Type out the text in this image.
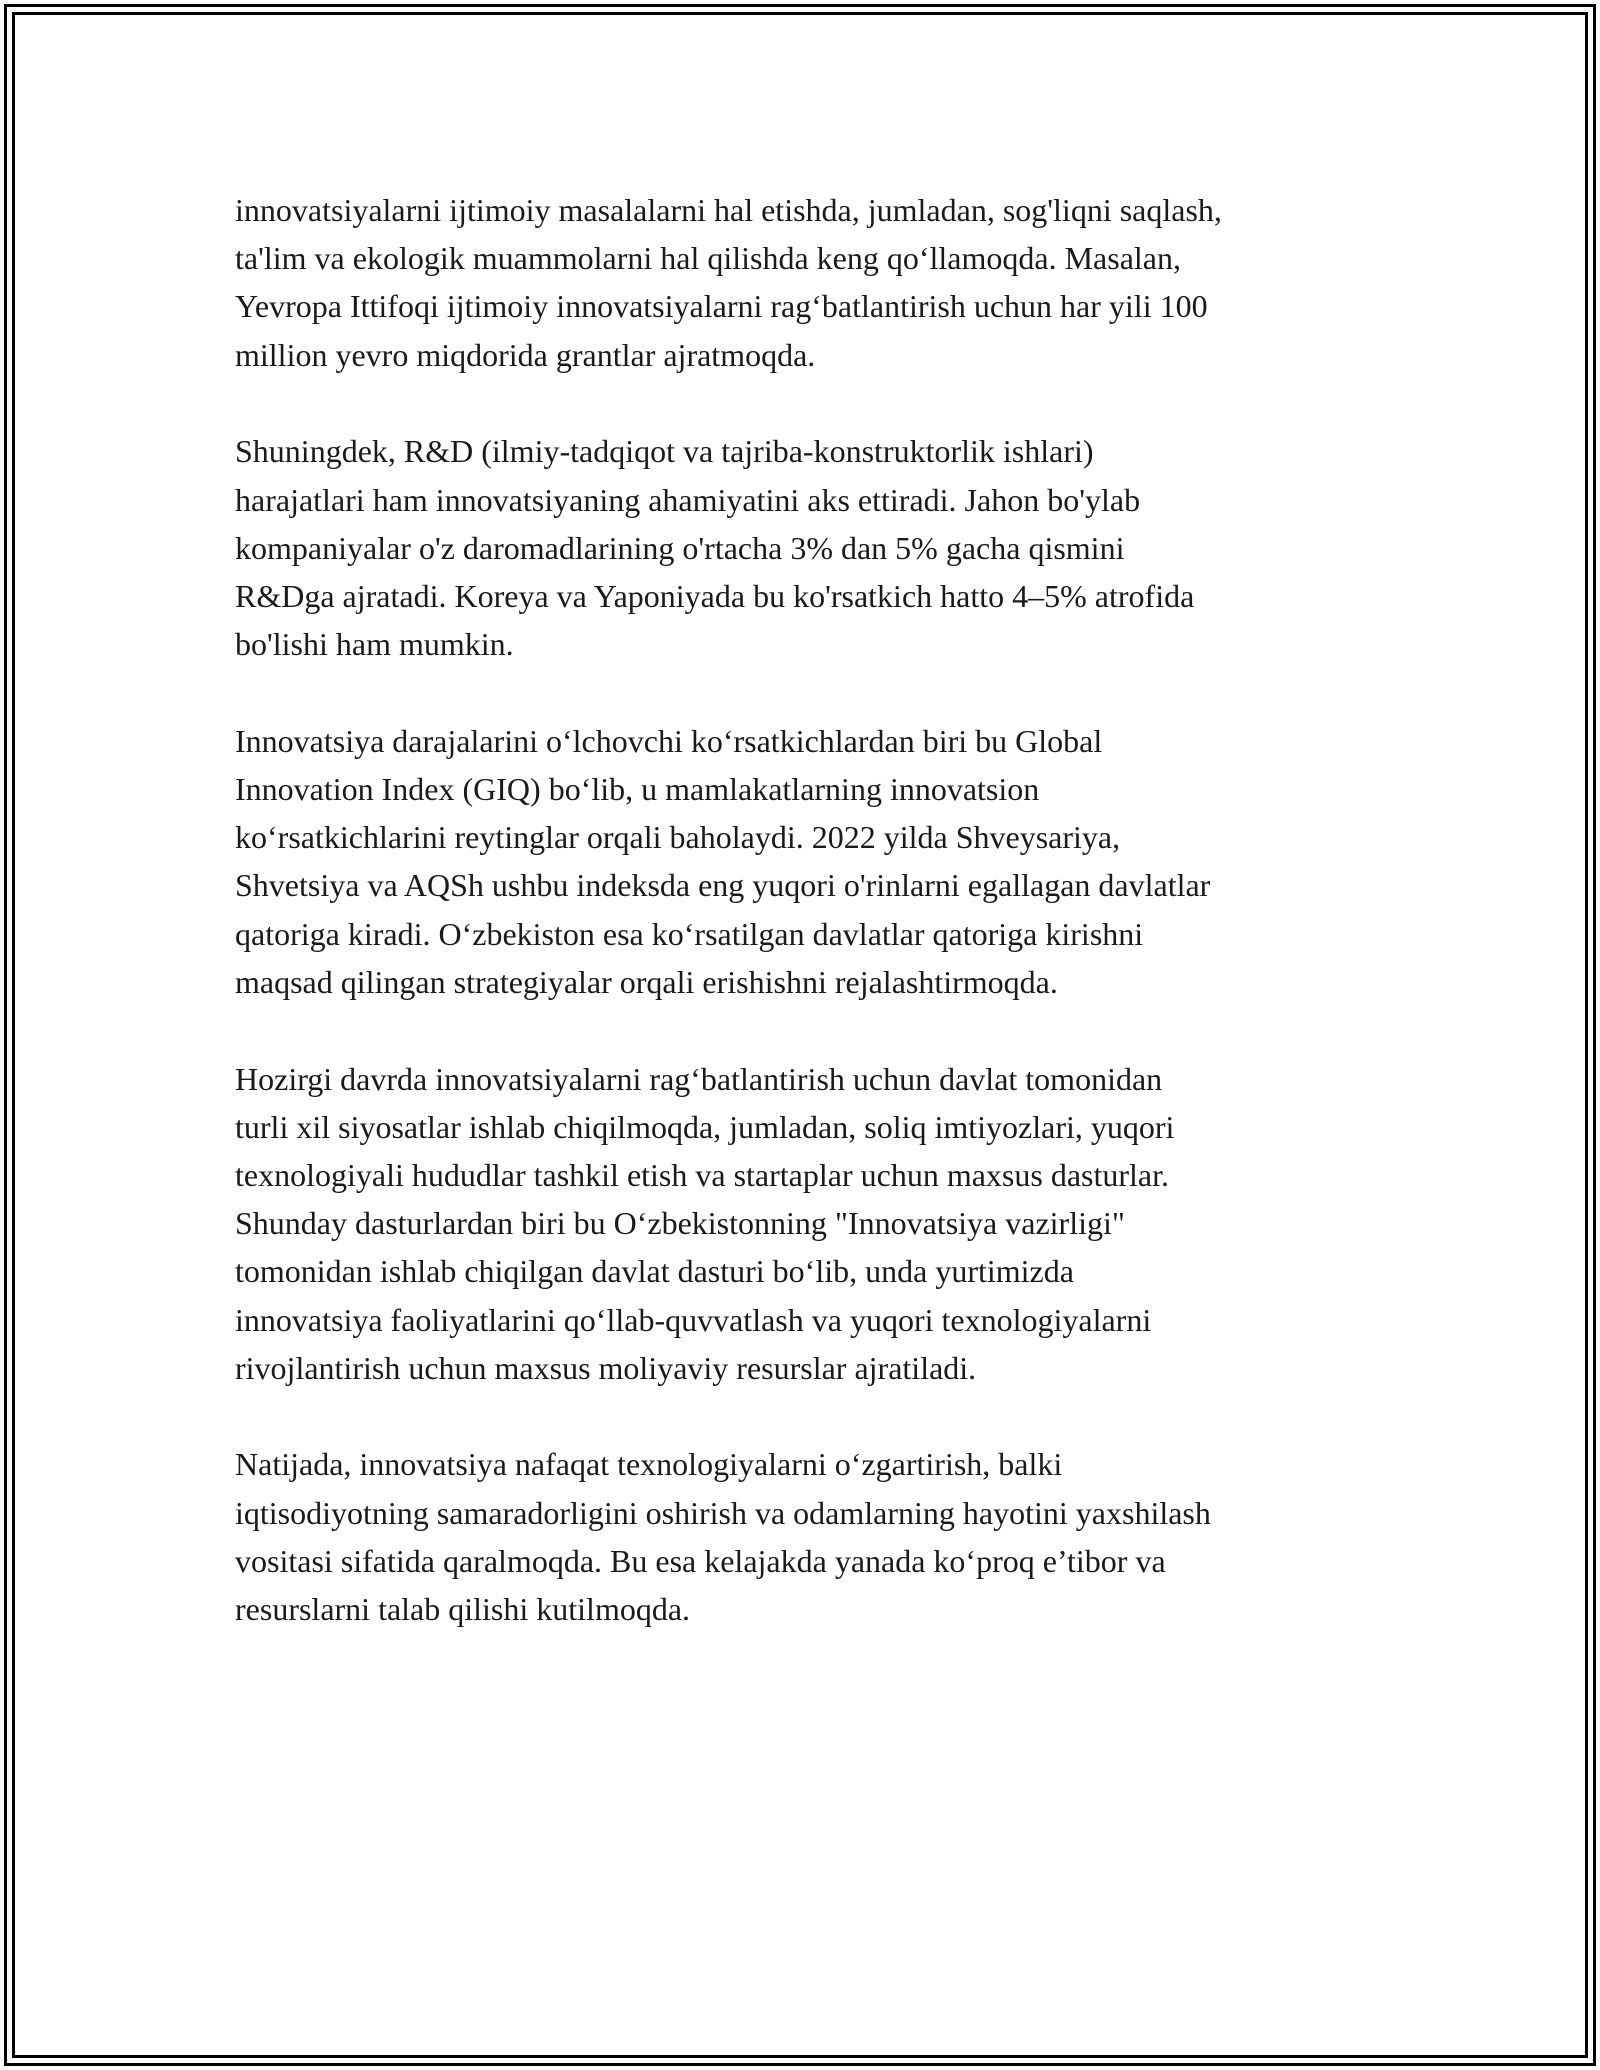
innovatsiyalarni ijtimoiy masalalarni hal etishda, jumladan, sog'liqni saqlash,
ta'lim va ekologik muammolarni hal qilishda keng qo‘llamoqda. Masalan,
Yevropa Ittifoqi ijtimoiy innovatsiyalarni rag‘batlantirish uchun har yili 100
million yevro miqdorida grantlar ajratmoqda.

Shuningdek, R&D (ilmiy-tadqiqot va tajriba-konstruktorlik ishlari)
harajatlari ham innovatsiyaning ahamiyatini aks ettiradi. Jahon bo'ylab
kompaniyalar o'z daromadlarining o'rtacha 3% dan 5% gacha qismini
R&Dga ajratadi. Koreya va Yaponiyada bu ko'rsatkich hatto 4–5% atrofida
bo'lishi ham mumkin.

Innovatsiya darajalarini o‘lchovchi ko‘rsatkichlardan biri bu Global
Innovation Index (GIQ) bo‘lib, u mamlakatlarning innovatsion
ko‘rsatkichlarini reytinglar orqali baholaydi. 2022 yilda Shveysariya,
Shvetsiya va AQSh ushbu indeksda eng yuqori o'rinlarni egallagan davlatlar
qatoriga kiradi. O‘zbekiston esa ko‘rsatilgan davlatlar qatoriga kirishni
maqsad qilingan strategiyalar orqali erishishni rejalashtirmoqda.

Hozirgi davrda innovatsiyalarni rag‘batlantirish uchun davlat tomonidan
turli xil siyosatlar ishlab chiqilmoqda, jumladan, soliq imtiyozlari, yuqori
texnologiyali hududlar tashkil etish va startaplar uchun maxsus dasturlar.
Shunday dasturlardan biri bu O‘zbekistonning "Innovatsiya vazirligi"
tomonidan ishlab chiqilgan davlat dasturi bo‘lib, unda yurtimizda
innovatsiya faoliyatlarini qo‘llab-quvvatlash va yuqori texnologiyalarni
rivojlantirish uchun maxsus moliyaviy resurslar ajratiladi.

Natijada, innovatsiya nafaqat texnologiyalarni o‘zgartirish, balki
iqtisodiyotning samaradorligini oshirish va odamlarning hayotini yaxshilash
vositasi sifatida qaralmoqda. Bu esa kelajakda yanada ko‘proq e’tibor va
resurslarni talab qilishi kutilmoqda.
